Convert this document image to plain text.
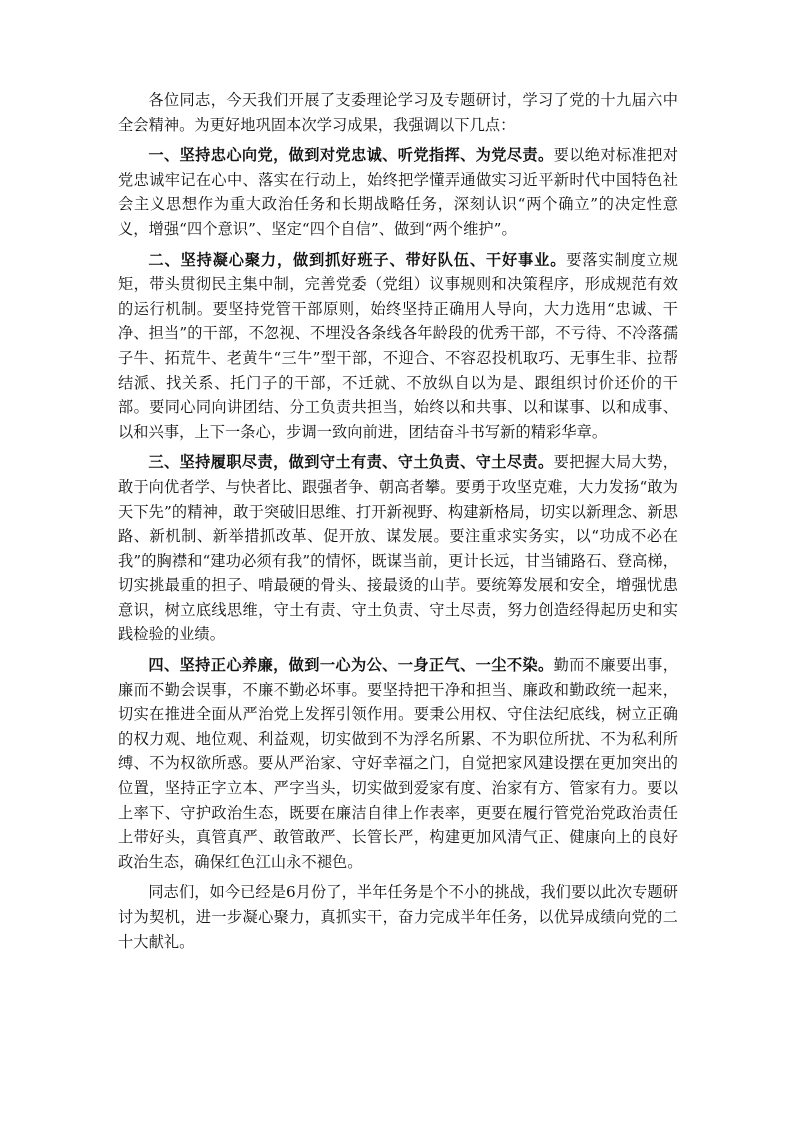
各位同志，今天我们开展了支委理论学习及专题研讨，学习了党的十九届六中全会精神。为更好地巩固本次学习成果，我强调以下几点：

一、坚持忠心向党，做到对党忠诚、听党指挥、为党尽责。要以绝对标准把对党忠诚牢记在心中、落实在行动上，始终把学懂弄通做实习近平新时代中国特色社会主义思想作为重大政治任务和长期战略任务，深刻认识“两个确立”的决定性意义，增强“四个意识”、坚定“四个自信”、做到“两个维护”。

二、坚持凝心聚力，做到抓好班子、带好队伍、干好事业。要落实制度立规矩，带头贯彻民主集中制，完善党委（党组）议事规则和决策程序，形成规范有效的运行机制。要坚持党管干部原则，始终坚持正确用人导向，大力选用“忠诚、干净、担当”的干部，不忽视、不埋没各条线各年龄段的优秀干部，不亏待、不冷落孺子牛、拓荒牛、老黄牛“三牛”型干部，不迎合、不容忍投机取巧、无事生非、拉帮结派、找关系、托门子的干部，不迁就、不放纵自以为是、跟组织讨价还价的干部。要同心同向讲团结、分工负责共担当，始终以和共事、以和谋事、以和成事、以和兴事，上下一条心，步调一致向前进，团结奋斗书写新的精彩华章。

三、坚持履职尽责，做到守土有责、守土负责、守土尽责。要把握大局大势，敢于向优者学、与快者比、跟强者争、朝高者攀。要勇于攻坚克难，大力发扬“敢为天下先”的精神，敢于突破旧思维、打开新视野、构建新格局，切实以新理念、新思路、新机制、新举措抓改革、促开放、谋发展。要注重求实务实，以“功成不必在我”的胸襟和“建功必须有我”的情怀，既谋当前，更计长远，甘当铺路石、登高梯，切实挑最重的担子、啃最硬的骨头、接最烫的山芋。要统筹发展和安全，增强忧患意识，树立底线思维，守土有责、守土负责、守土尽责，努力创造经得起历史和实践检验的业绩。

四、坚持正心养廉，做到一心为公、一身正气、一尘不染。勤而不廉要出事，廉而不勤会误事，不廉不勤必坏事。要坚持把干净和担当、廉政和勤政统一起来，切实在推进全面从严治党上发挥引领作用。要秉公用权、守住法纪底线，树立正确的权力观、地位观、利益观，切实做到不为浮名所累、不为职位所扰、不为私利所缚、不为权欲所惑。要从严治家、守好幸福之门，自觉把家风建设摆在更加突出的位置，坚持正字立本、严字当头，切实做到爱家有度、治家有方、管家有力。要以上率下、守护政治生态，既要在廉洁自律上作表率，更要在履行管党治党政治责任上带好头，真管真严、敢管敢严、长管长严，构建更加风清气正、健康向上的良好政治生态，确保红色江山永不褪色。

同志们，如今已经是6月份了，半年任务是个不小的挑战，我们要以此次专题研讨为契机，进一步凝心聚力，真抓实干，奋力完成半年任务，以优异成绩向党的二十大献礼。
